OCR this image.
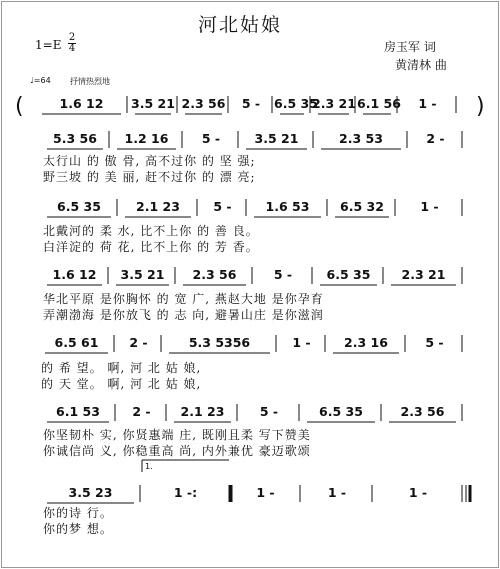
河北姑娘
1=E
2
4	房玉军 词
黄清林 曲
♩=64 抒情热烈地
(	)
1.6 12	3.5 21 2.3 56	5 -	6.5 35
2.3 21 6.1 56	1 -
5.3 56	1.2 16	5 -	3.5 21	2.3 53	2 -
太行山 的 傲 骨, 高不过你 的 坚 强;
野三坡 的 美 丽, 赶不过你 的 漂 亮;
6.5 35	2.1 23	5 -	1.6 53	6.5 32	1 -
北戴河的 柔 水, 比不上你 的 善 良。
白洋淀的 荷 花, 比不上你 的 芳 香。
1.6 12	3.5 21	2.3 56	5 -	6.5 35	2.3 21
华北平原 是你胸怀 的 宽 广, 燕赵大地 是你孕育
弄潮渤海 是你放飞 的 志 向, 避暑山庄 是你滋润
6.5 61	2 -	5.3 5356	1 -	2.3 16	5 -
的 希 望。 啊, 河 北 姑 娘,
的 天 堂。 啊, 河 北 姑 娘,
6.1 53	2 -	2.1 23	5 -	6.5 35	2.3 56
你坚韧朴 实, 你贤惠端 庄, 既刚且柔 写下赞美
你诚信尚 义, 你稳重高 尚, 内外兼优 豪迈歌颂
3.5 23	1 -:	1 -	1 -	1 -
你的诗 行。
你的梦 想。
1.
